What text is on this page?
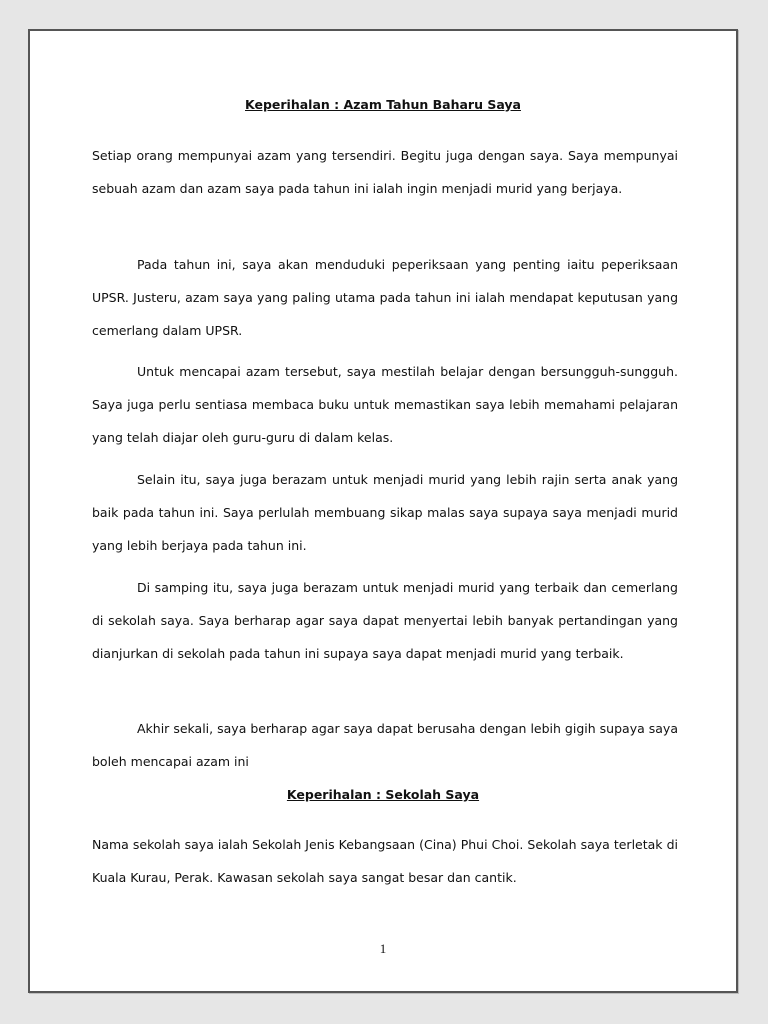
Keperihalan : Azam Tahun Baharu Saya

Setiap orang mempunyai azam yang tersendiri. Begitu juga dengan saya. Saya mempunyai sebuah azam dan azam saya pada tahun ini ialah ingin menjadi murid yang berjaya.

Pada tahun ini, saya akan menduduki peperiksaan yang penting iaitu peperiksaan UPSR. Justeru, azam saya yang paling utama pada tahun ini ialah mendapat keputusan yang cemerlang dalam UPSR.

Untuk mencapai azam tersebut, saya mestilah belajar dengan bersungguh-sungguh. Saya juga perlu sentiasa membaca buku untuk memastikan saya lebih memahami pelajaran yang telah diajar oleh guru-guru di dalam kelas.

Selain itu, saya juga berazam untuk menjadi murid yang lebih rajin serta anak yang baik pada tahun ini. Saya perlulah membuang sikap malas saya supaya saya menjadi murid yang lebih berjaya pada tahun ini.

Di samping itu, saya juga berazam untuk menjadi murid yang terbaik dan cemerlang di sekolah saya. Saya berharap agar saya dapat menyertai lebih banyak pertandingan yang dianjurkan di sekolah pada tahun ini supaya saya dapat menjadi murid yang terbaik.

Akhir sekali, saya berharap agar saya dapat berusaha dengan lebih gigih supaya saya boleh mencapai azam ini

Keperihalan : Sekolah Saya

Nama sekolah saya ialah Sekolah Jenis Kebangsaan (Cina) Phui Choi. Sekolah saya terletak di Kuala Kurau, Perak. Kawasan sekolah saya sangat besar dan cantik.

1
